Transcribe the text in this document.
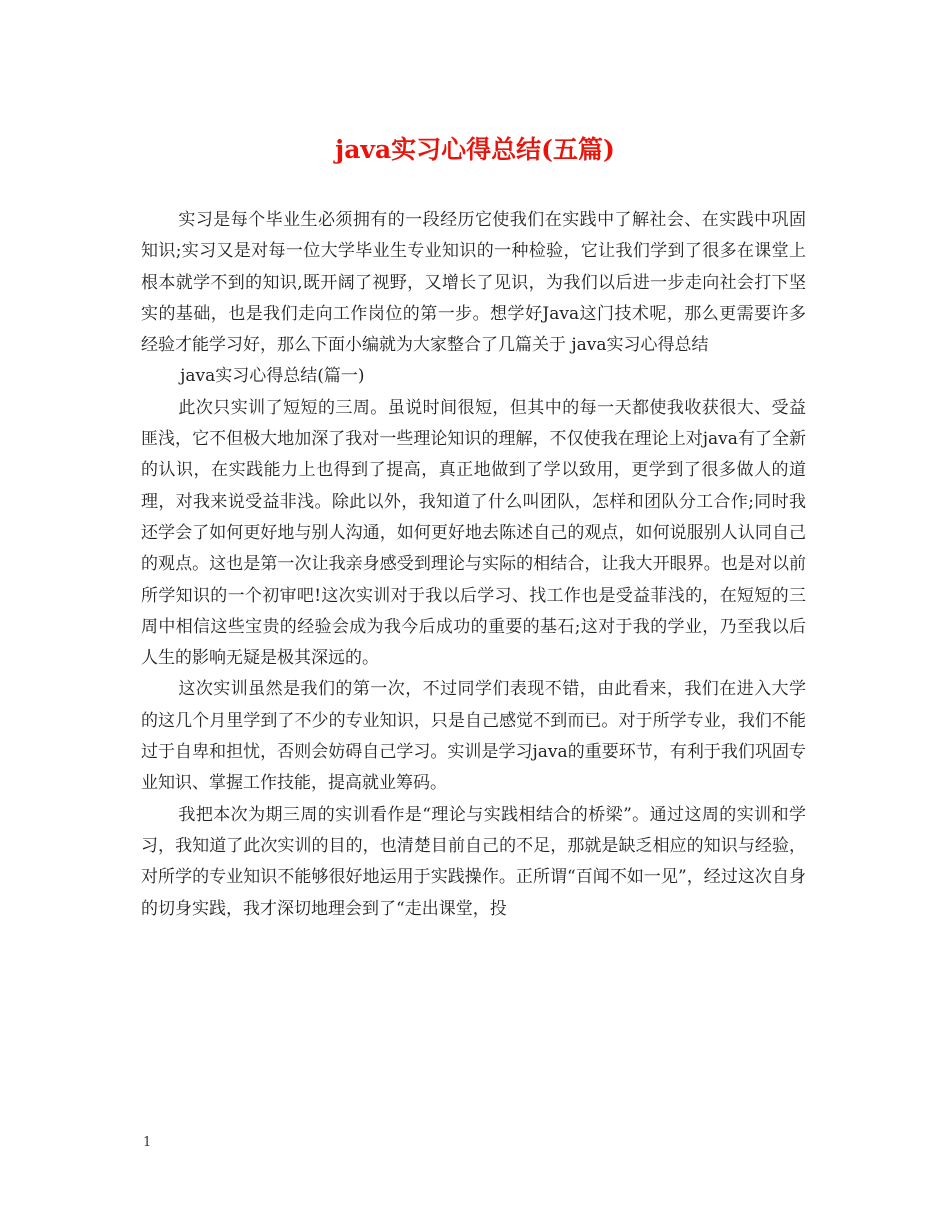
java实习心得总结(五篇)

实习是每个毕业生必须拥有的一段经历它使我们在实践中了解社会、在实践中巩固知识;实习又是对每一位大学毕业生专业知识的一种检验，它让我们学到了很多在课堂上根本就学不到的知识,既开阔了视野，又增长了见识，为我们以后进一步走向社会打下坚实的基础，也是我们走向工作岗位的第一步。想学好Java这门技术呢，那么更需要许多经验才能学习好，那么下面小编就为大家整合了几篇关于 java实习心得总结

java实习心得总结(篇一)

此次只实训了短短的三周。虽说时间很短，但其中的每一天都使我收获很大、受益匪浅，它不但极大地加深了我对一些理论知识的理解，不仅使我在理论上对java有了全新的认识，在实践能力上也得到了提高，真正地做到了学以致用，更学到了很多做人的道理，对我来说受益非浅。除此以外，我知道了什么叫团队，怎样和团队分工合作;同时我还学会了如何更好地与别人沟通，如何更好地去陈述自己的观点，如何说服别人认同自己的观点。这也是第一次让我亲身感受到理论与实际的相结合，让我大开眼界。也是对以前所学知识的一个初审吧!这次实训对于我以后学习、找工作也是受益菲浅的，在短短的三周中相信这些宝贵的经验会成为我今后成功的重要的基石;这对于我的学业，乃至我以后人生的影响无疑是极其深远的。

这次实训虽然是我们的第一次，不过同学们表现不错，由此看来，我们在进入大学的这几个月里学到了不少的专业知识，只是自己感觉不到而已。对于所学专业，我们不能过于自卑和担忧，否则会妨碍自己学习。实训是学习java的重要环节，有利于我们巩固专业知识、掌握工作技能，提高就业筹码。

我把本次为期三周的实训看作是“理论与实践相结合的桥梁”。通过这周的实训和学习，我知道了此次实训的目的，也清楚目前自己的不足，那就是缺乏相应的知识与经验，对所学的专业知识不能够很好地运用于实践操作。正所谓“百闻不如一见”，经过这次自身的切身实践，我才深切地理会到了“走出课堂，投

1
